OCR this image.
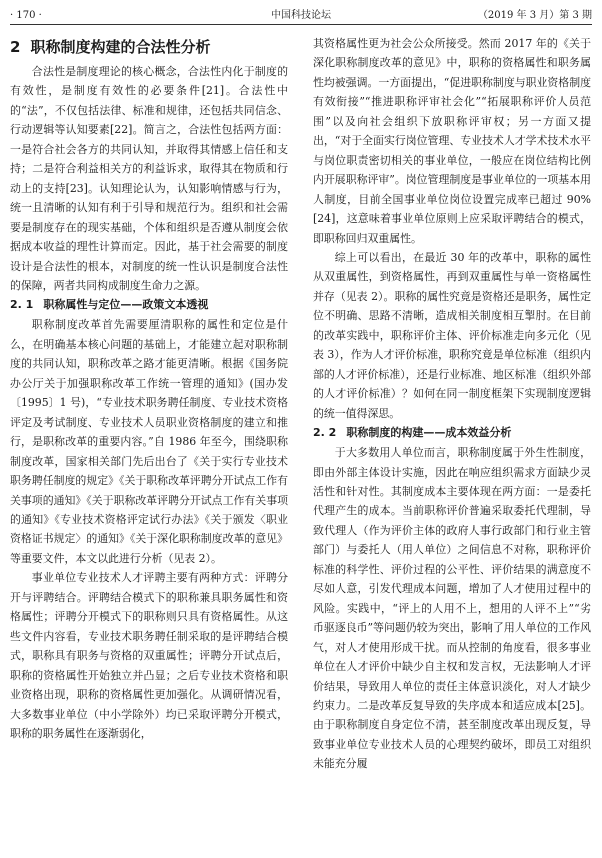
· 170 ·	中国科技论坛	（2019 年 3 月）第 3 期
2 职称制度构建的合法性分析

合法性是制度理论的核心概念，合法性内化于制度的有效性，是制度有效性的必要条件[21]。合法性中的“法”，不仅包括法律、标准和规律，还包括共同信念、行动逻辑等认知要素[22]。简言之，合法性包括两方面：一是符合社会各方的共同认知，并取得其情感上信任和支持；二是符合利益相关方的利益诉求，取得其在物质和行动上的支持[23]。认知理论认为，认知影响情感与行为，统一且清晰的认知有利于引导和规范行为。组织和社会需要是制度存在的现实基础，个体和组织是否遵从制度会依据成本收益的理性计算而定。因此，基于社会需要的制度设计是合法性的根本，对制度的统一性认识是制度合法性的保障，两者共同构成制度生命力之源。

2. 1 职称属性与定位——政策文本透视

职称制度改革首先需要厘清职称的属性和定位是什么，在明确基本核心问题的基础上，才能建立起对职称制度的共同认知，职称改革之路才能更清晰。根据《国务院办公厅关于加强职称改革工作统一管理的通知》(国办发〔1995〕1 号)，“专业技术职务聘任制度、专业技术资格评定及考试制度、专业技术人员职业资格制度的建立和推行，是职称改革的重要内容。”自 1986 年至今，围绕职称制度改革，国家相关部门先后出台了《关于实行专业技术职务聘任制度的规定》《关于职称改革评聘分开试点工作有关事项的通知》《关于职称改革评聘分开试点工作有关事项的通知》《专业技术资格评定试行办法》《关于颁发〈职业资格证书规定〉的通知》《关于深化职称制度改革的意见》等重要文件，本文以此进行分析（见表 2）。

事业单位专业技术人才评聘主要有两种方式：评聘分开与评聘结合。评聘结合模式下的职称兼具职务属性和资格属性；评聘分开模式下的职称则只具有资格属性。从这些文件内容看，专业技术职务聘任制采取的是评聘结合模式，职称具有职务与资格的双重属性；评聘分开试点后，职称的资格属性开始独立并凸显；之后专业技术资格和职业资格出现，职称的资格属性更加强化。从调研情况看，大多数事业单位（中小学除外）均已采取评聘分开模式，职称的职务属性在逐渐弱化，

其资格属性更为社会公众所接受。然而 2017 年的《关于深化职称制度改革的意见》中，职称的资格属性和职务属性均被强调。一方面提出，“促进职称制度与职业资格制度有效衔接”“推进职称评审社会化”“拓展职称评价人员范围”以及向社会组织下放职称评审权；另一方面又提出，“对于全面实行岗位管理、专业技术人才学术技术水平与岗位职责密切相关的事业单位，一般应在岗位结构比例内开展职称评审”。岗位管理制度是事业单位的一项基本用人制度，目前全国事业单位岗位设置完成率已超过 90%[24]，这意味着事业单位原则上应采取评聘结合的模式，即职称回归双重属性。

综上可以看出，在最近 30 年的改革中，职称的属性从双重属性，到资格属性，再到双重属性与单一资格属性并存（见表 2）。职称的属性究竟是资格还是职务，属性定位不明确、思路不清晰，造成相关制度相互掣肘。在目前的改革实践中，职称评价主体、评价标准走向多元化（见表 3），作为人才评价标准，职称究竟是单位标准（组织内部的人才评价标准），还是行业标准、地区标准（组织外部的人才评价标准）？如何在同一制度框架下实现制度逻辑的统一值得深思。

2. 2 职称制度的构建——成本效益分析

于大多数用人单位而言，职称制度属于外生性制度，即由外部主体设计实施，因此在响应组织需求方面缺少灵活性和针对性。其制度成本主要体现在两方面：一是委托代理产生的成本。当前职称评价普遍采取委托代理制，导致代理人（作为评价主体的政府人事行政部门和行业主管部门）与委托人（用人单位）之间信息不对称，职称评价标准的科学性、评价过程的公平性、评价结果的满意度不尽如人意，引发代理成本问题，增加了人才使用过程中的风险。实践中，“评上的人用不上，想用的人评不上”“劣币驱逐良币”等问题仍较为突出，影响了用人单位的工作风气，对人才使用形成干扰。而从控制的角度看，很多事业单位在人才评价中缺少自主权和发言权，无法影响人才评价结果，导致用人单位的责任主体意识淡化，对人才缺少约束力。二是改革反复导致的失序成本和适应成本[25]。由于职称制度自身定位不清，甚至制度改革出现反复，导致事业单位专业技术人员的心理契约破坏，即员工对组织未能充分履
